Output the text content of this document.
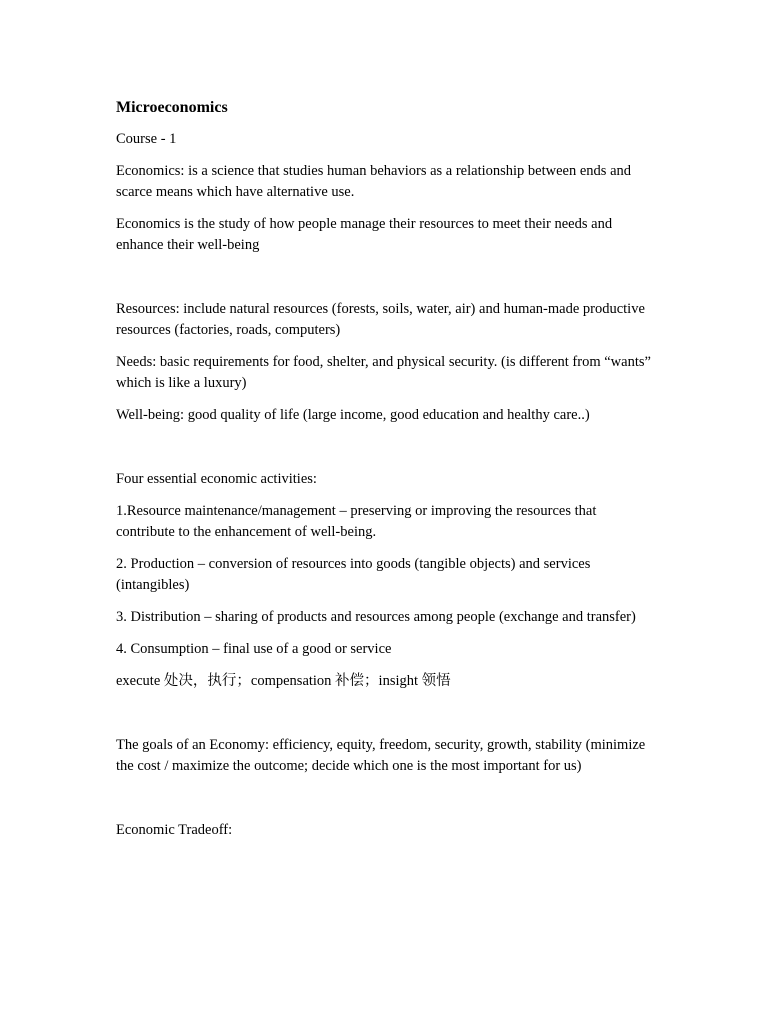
Microeconomics
Course - 1
Economics: is a science that studies human behaviors as a relationship between ends and scarce means which have alternative use.
Economics is the study of how people manage their resources to meet their needs and enhance their well-being
Resources: include natural resources (forests, soils, water, air) and human-made productive resources (factories, roads, computers)
Needs: basic requirements for food, shelter, and physical security. (is different from “wants” which is like a luxury)
Well-being: good quality of life (large income, good education and healthy care..)
Four essential economic activities:
1.Resource maintenance/management – preserving or improving the resources that contribute to the enhancement of well-being.
2. Production – conversion of resources into goods (tangible objects) and services (intangibles)
3. Distribution – sharing of products and resources among people (exchange and transfer)
4. Consumption – final use of a good or service
execute 处决，执行；compensation 补偿；insight 领悟
The goals of an Economy: efficiency, equity, freedom, security, growth, stability (minimize the cost / maximize the outcome; decide which one is the most important for us)
Economic Tradeoff:
